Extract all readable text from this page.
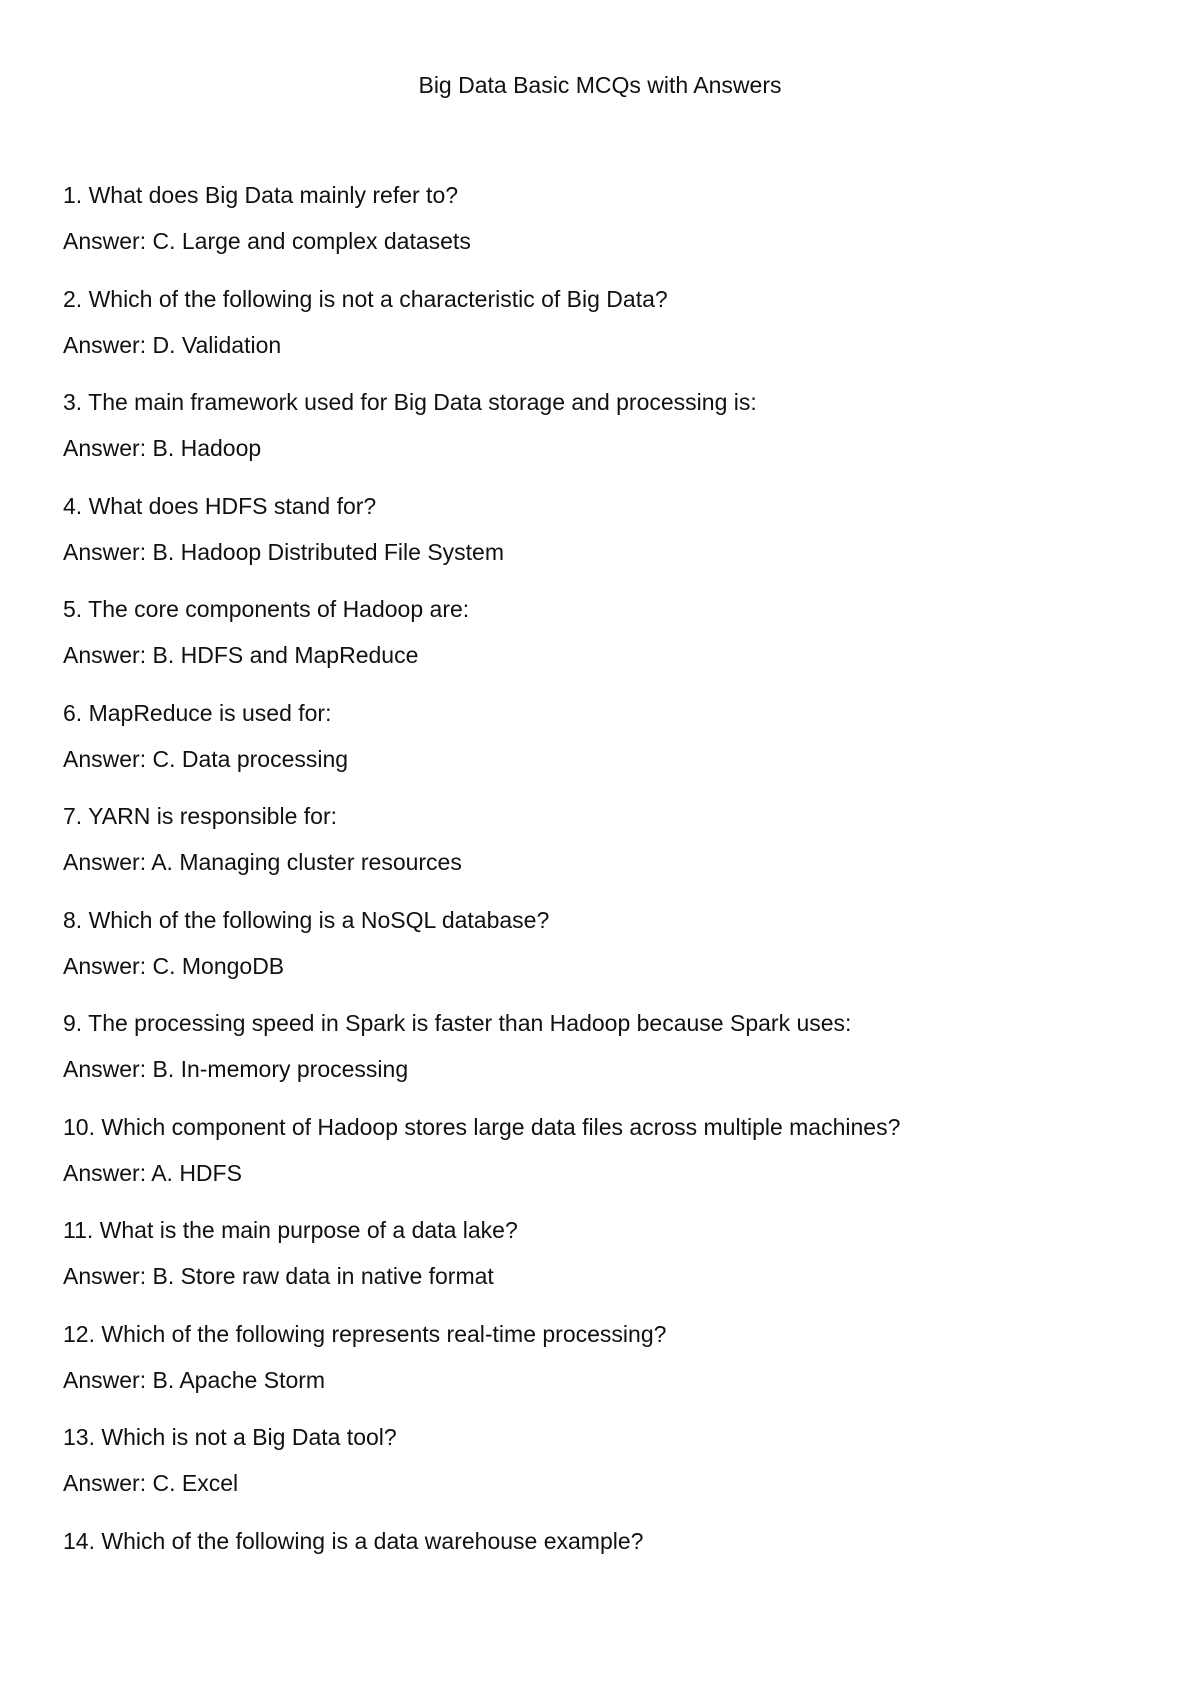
Big Data Basic MCQs with Answers

1. What does Big Data mainly refer to?

Answer: C. Large and complex datasets

2. Which of the following is not a characteristic of Big Data?

Answer: D. Validation

3. The main framework used for Big Data storage and processing is:

Answer: B. Hadoop

4. What does HDFS stand for?

Answer: B. Hadoop Distributed File System

5. The core components of Hadoop are:

Answer: B. HDFS and MapReduce

6. MapReduce is used for:

Answer: C. Data processing

7. YARN is responsible for:

Answer: A. Managing cluster resources

8. Which of the following is a NoSQL database?

Answer: C. MongoDB

9. The processing speed in Spark is faster than Hadoop because Spark uses:

Answer: B. In-memory processing

10. Which component of Hadoop stores large data files across multiple machines?

Answer: A. HDFS

11. What is the main purpose of a data lake?

Answer: B. Store raw data in native format

12. Which of the following represents real-time processing?

Answer: B. Apache Storm

13. Which is not a Big Data tool?

Answer: C. Excel

14. Which of the following is a data warehouse example?
